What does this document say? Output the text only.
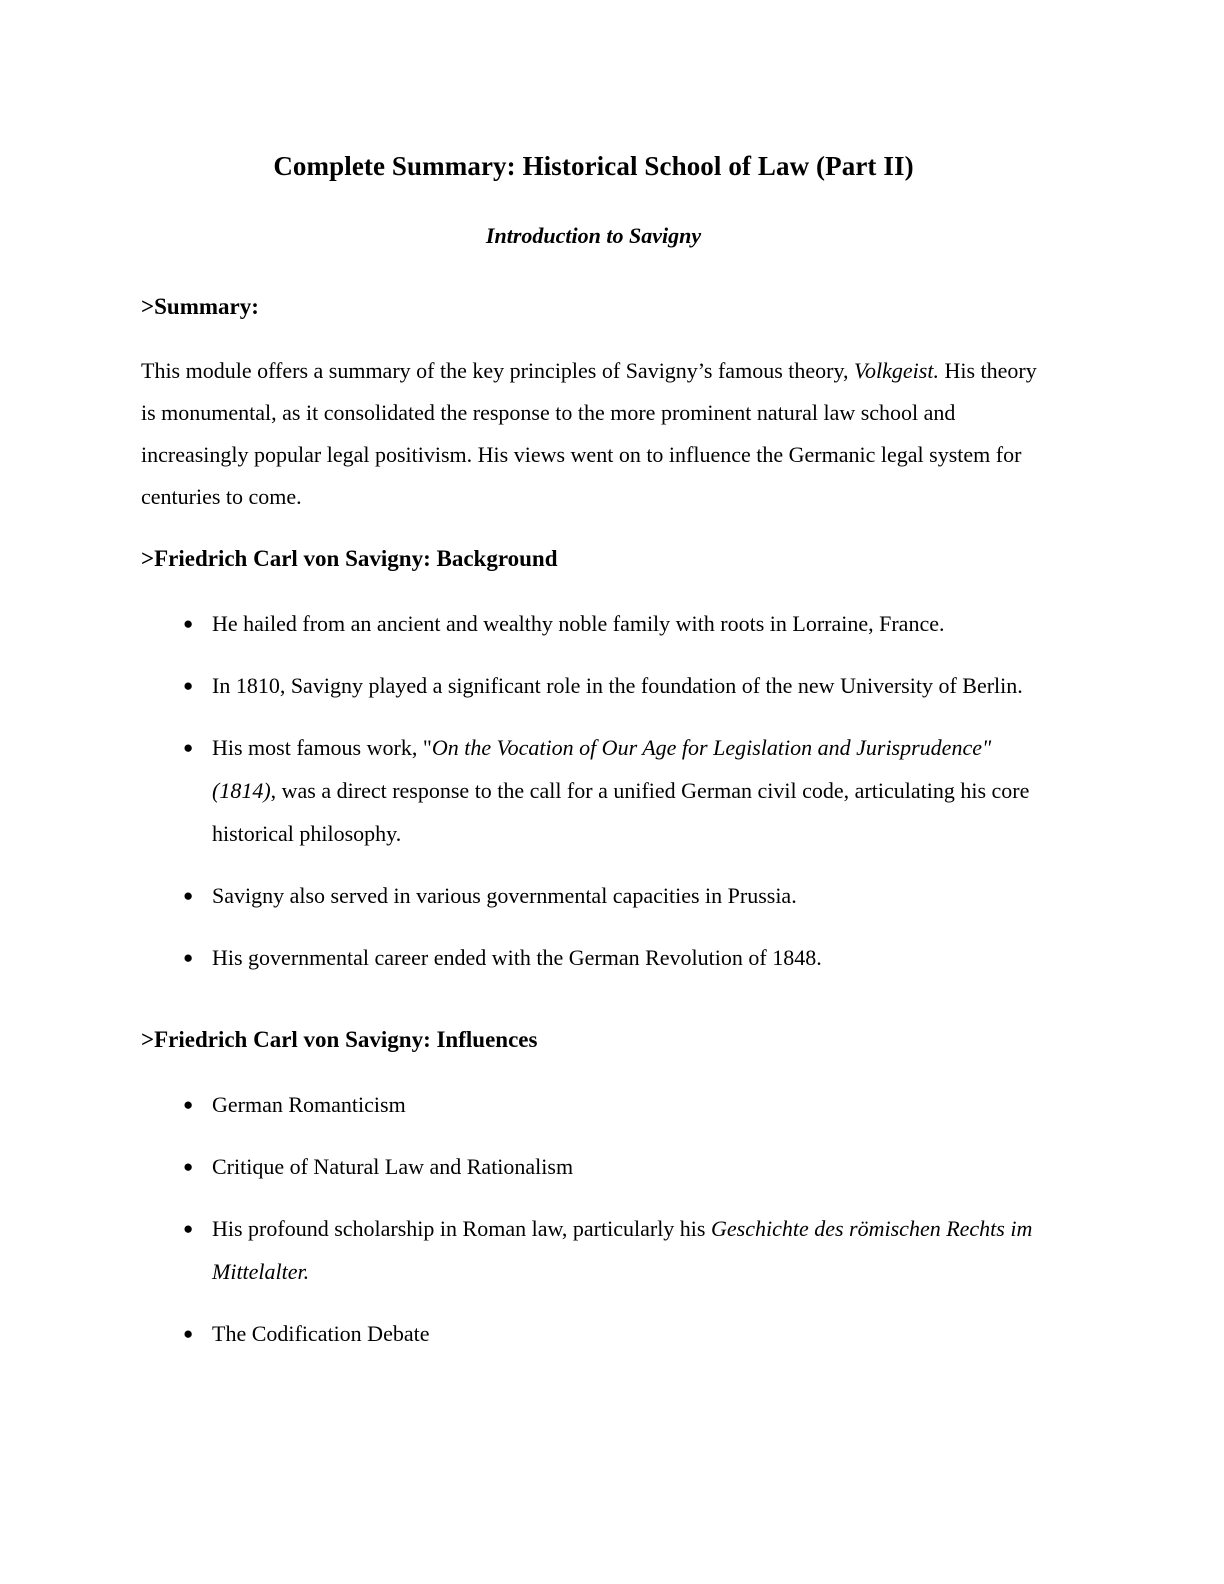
Complete Summary: Historical School of Law (Part II)
Introduction to Savigny
>Summary:

This module offers a summary of the key principles of Savigny’s famous theory, Volkgeist. His theory is monumental, as it consolidated the response to the more prominent natural law school and increasingly popular legal positivism. His views went on to influence the Germanic legal system for centuries to come.

>Friedrich Carl von Savigny: Background
● He hailed from an ancient and wealthy noble family with roots in Lorraine, France.
● In 1810, Savigny played a significant role in the foundation of the new University of Berlin.
● His most famous work, "On the Vocation of Our Age for Legislation and Jurisprudence" (1814), was a direct response to the call for a unified German civil code, articulating his core historical philosophy.
● Savigny also served in various governmental capacities in Prussia.
● His governmental career ended with the German Revolution of 1848.
>Friedrich Carl von Savigny: Influences
● German Romanticism
● Critique of Natural Law and Rationalism
● His profound scholarship in Roman law, particularly his Geschichte des römischen Rechts im Mittelalter.
● The Codification Debate
